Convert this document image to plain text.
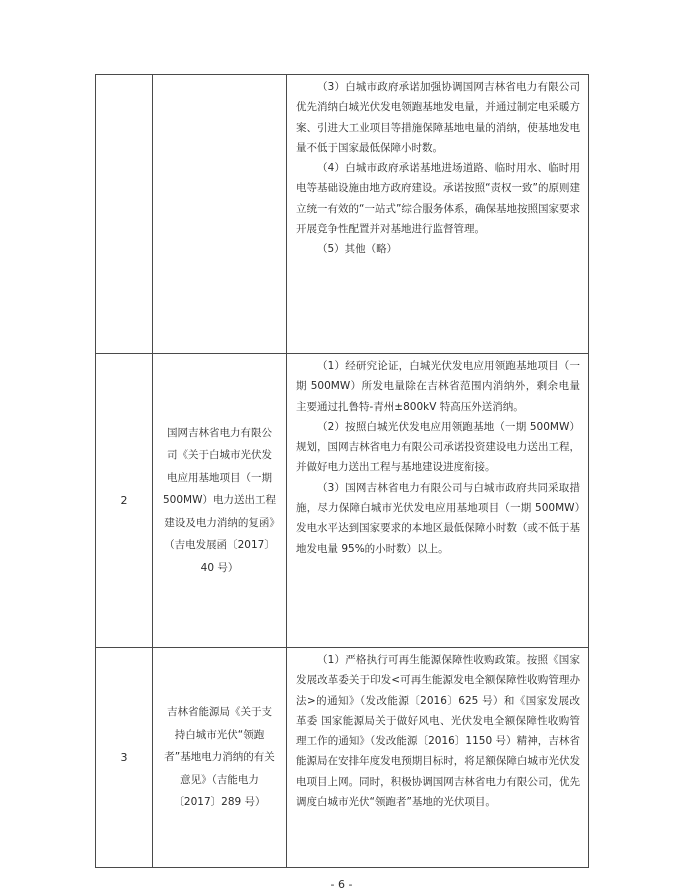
		（3）白城市政府承诺加强协调国网吉林省电力有限公司优先消纳白城光伏发电领跑基地发电量，并通过制定电采暖方案、引进大工业项目等措施保障基地电量的消纳，使基地发电量不低于国家最低保障小时数。

（4）白城市政府承诺基地进场道路、临时用水、临时用电等基础设施由地方政府建设。承诺按照“责权一致”的原则建立统一有效的“一站式”综合服务体系，确保基地按照国家要求开展竞争性配置并对基地进行监督管理。

（5）其他（略）

2	国网吉林省电力有限公司《关于白城市光伏发电应用基地项目（一期 500MW）电力送出工程建设及电力消纳的复函》（吉电发展函〔2017〕40 号）	（1）经研究论证，白城光伏发电应用领跑基地项目（一期 500MW）所发电量除在吉林省范围内消纳外，剩余电量主要通过扎鲁特-青州±800kV 特高压外送消纳。

（2）按照白城光伏发电应用领跑基地（一期 500MW）规划，国网吉林省电力有限公司承诺投资建设电力送出工程，并做好电力送出工程与基地建设进度衔接。

（3）国网吉林省电力有限公司与白城市政府共同采取措施，尽力保障白城市光伏发电应用基地项目（一期 500MW）发电水平达到国家要求的本地区最低保障小时数（或不低于基地发电量 95%的小时数）以上。

3	吉林省能源局《关于支持白城市光伏“领跑者”基地电力消纳的有关意见》（吉能电力〔2017〕289 号）	（1）严格执行可再生能源保障性收购政策。按照《国家发展改革委关于印发<可再生能源发电全额保障性收购管理办法>的通知》（发改能源〔2016〕625 号）和《国家发展改革委 国家能源局关于做好风电、光伏发电全额保障性收购管理工作的通知》（发改能源〔2016〕1150 号）精神，吉林省能源局在安排年度发电预期目标时，将足额保障白城市光伏发电项目上网。同时，积极协调国网吉林省电力有限公司，优先调度白城市光伏“领跑者”基地的光伏项目。

- 6 -
